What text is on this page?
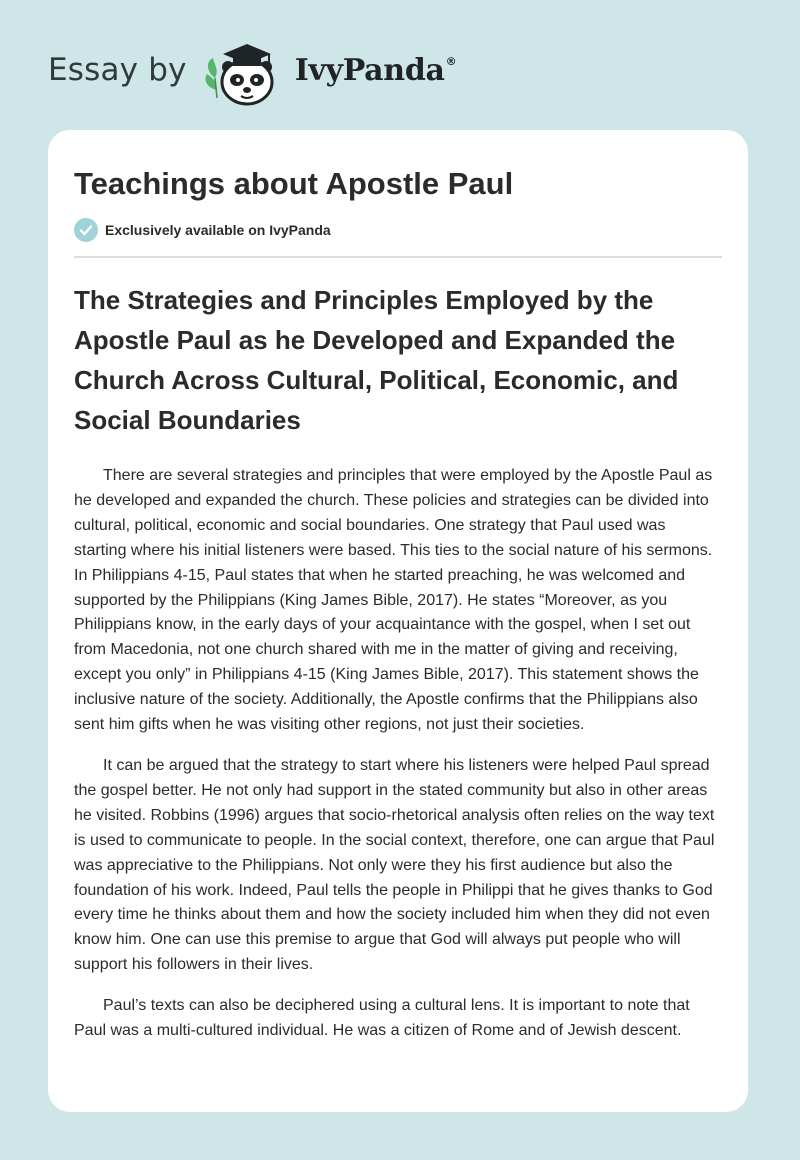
Essay by	IvyPanda®
Teachings about Apostle Paul
Exclusively available on IvyPanda
The Strategies and Principles Employed by the Apostle Paul as he Developed and Expanded the Church Across Cultural, Political, Economic, and Social Boundaries

There are several strategies and principles that were employed by the Apostle Paul as he developed and expanded the church. These policies and strategies can be divided into cultural, political, economic and social boundaries. One strategy that Paul used was starting where his initial listeners were based. This ties to the social nature of his sermons. In Philippians 4-15, Paul states that when he started preaching, he was welcomed and supported by the Philippians (King James Bible, 2017). He states “Moreover, as you Philippians know, in the early days of your acquaintance with the gospel, when I set out from Macedonia, not one church shared with me in the matter of giving and receiving, except you only” in Philippians 4-15 (King James Bible, 2017). This statement shows the inclusive nature of the society. Additionally, the Apostle confirms that the Philippians also sent him gifts when he was visiting other regions, not just their societies.

It can be argued that the strategy to start where his listeners were helped Paul spread the gospel better. He not only had support in the stated community but also in other areas he visited. Robbins (1996) argues that socio-rhetorical analysis often relies on the way text is used to communicate to people. In the social context, therefore, one can argue that Paul was appreciative to the Philippians. Not only were they his first audience but also the foundation of his work. Indeed, Paul tells the people in Philippi that he gives thanks to God every time he thinks about them and how the society included him when they did not even know him. One can use this premise to argue that God will always put people who will support his followers in their lives.

Paul’s texts can also be deciphered using a cultural lens. It is important to note that Paul was a multi-cultured individual. He was a citizen of Rome and of Jewish descent.
